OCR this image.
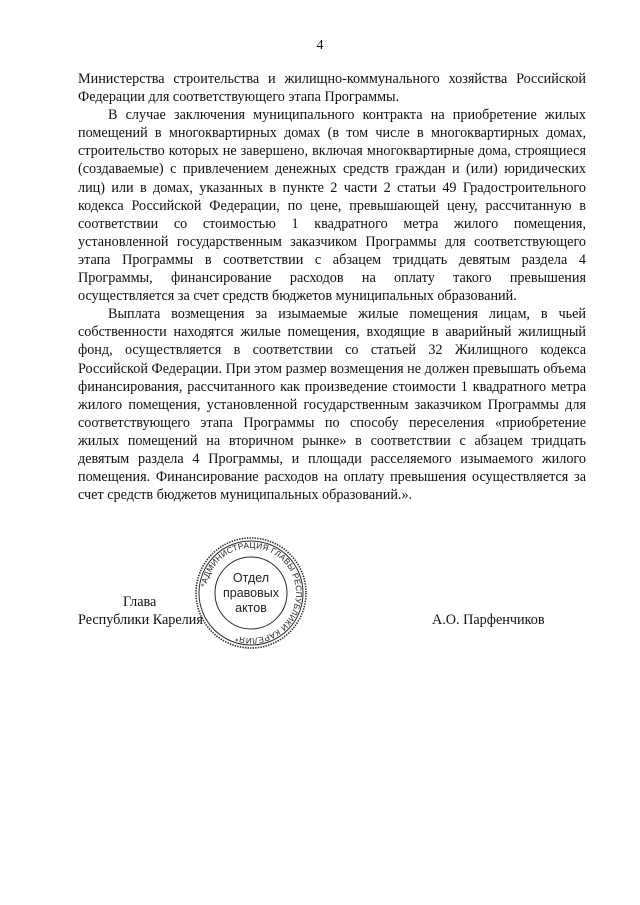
4

Министерства строительства и жилищно-коммунального хозяйства Российской Федерации для соответствующего этапа Программы.

В случае заключения муниципального контракта на приобретение жилых помещений в многоквартирных домах (в том числе в многоквартирных домах, строительство которых не завершено, включая многоквартирные дома, строящиеся (создаваемые) с привлечением денежных средств граждан и (или) юридических лиц) или в домах, указанных в пункте 2 части 2 статьи 49 Градостроительного кодекса Российской Федерации, по цене, превышающей цену, рассчитанную в соответствии со стоимостью 1 квадратного метра жилого помещения, установленной государственным заказчиком Программы для соответствующего этапа Программы в соответствии с абзацем тридцать девятым раздела 4 Программы, финансирование расходов на оплату такого превышения осуществляется за счет средств бюджетов муниципальных образований.

Выплата возмещения за изымаемые жилые помещения лицам, в чьей собственности находятся жилые помещения, входящие в аварийный жилищный фонд, осуществляется в соответствии со статьей 32 Жилищного кодекса Российской Федерации. При этом размер возмещения не должен превышать объема финансирования, рассчитанного как произведение стоимости 1 квадратного метра жилого помещения, установленной государственным заказчиком Программы для соответствующего этапа Программы по способу переселения «приобретение жилых помещений на вторичном рынке» в соответствии с абзацем тридцать девятым раздела 4 Программы, и площади расселяемого изымаемого жилого помещения. Финансирование расходов на оплату превышения осуществляется за счет средств бюджетов муниципальных образований.».

Глава
Республики Карелия	А.О. Парфенчиков
*АДМИНИСТРАЦИЯ ГЛАВЫ РЕСПУБЛИКИ КАРЕЛИЯ*
Отдел
правовых
актов
